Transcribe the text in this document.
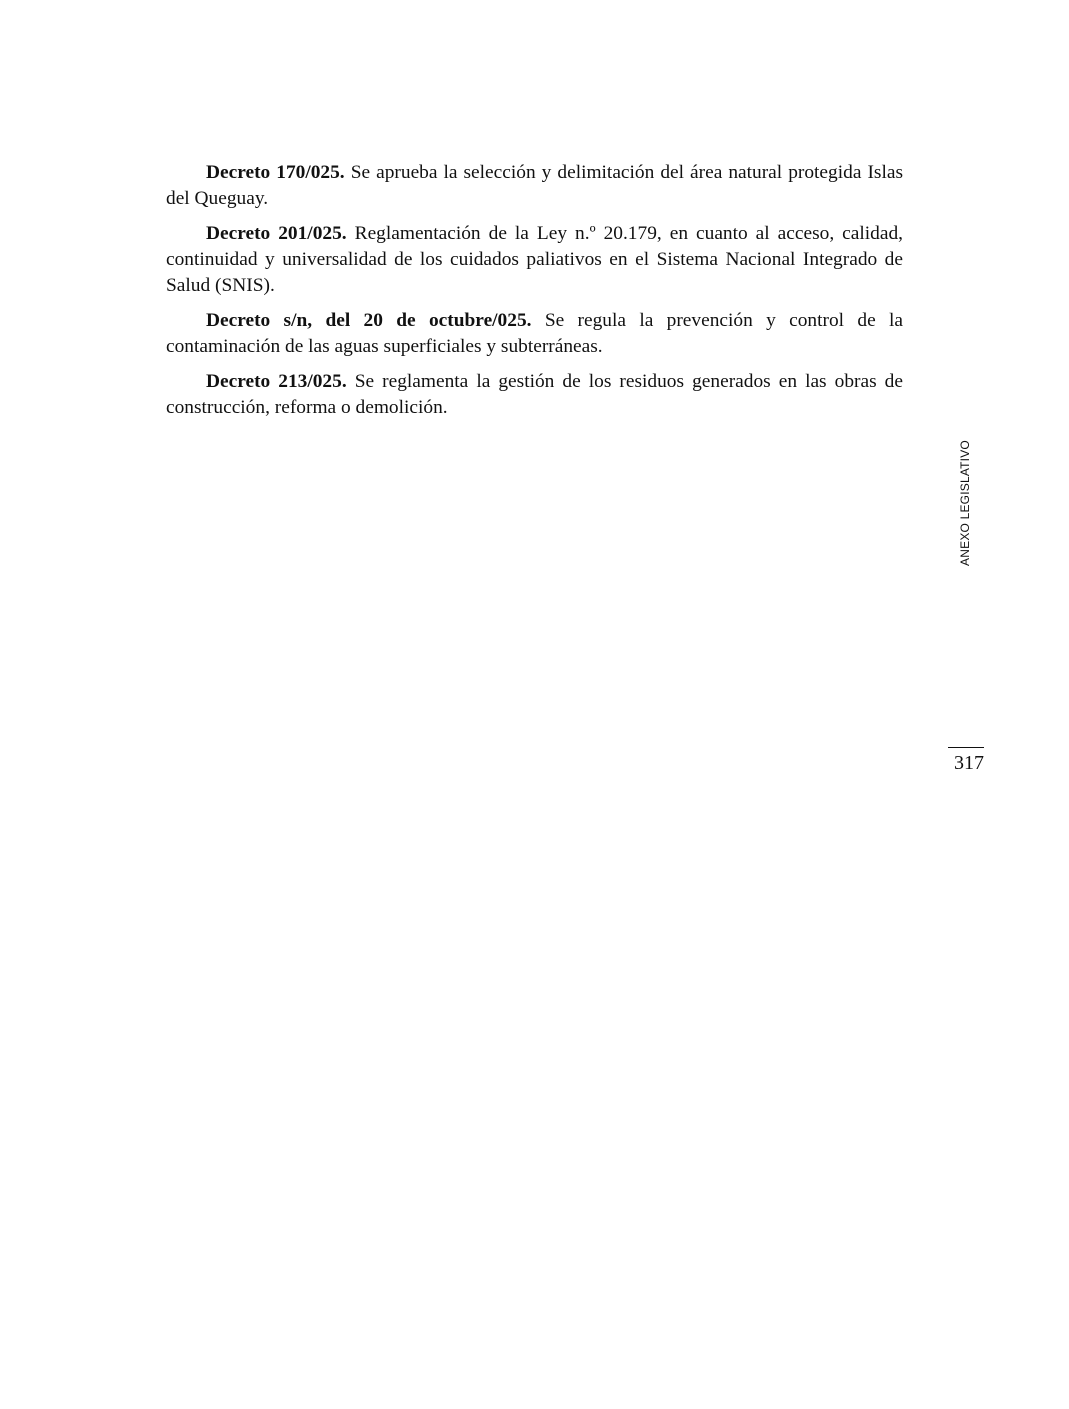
Decreto 170/025. Se aprueba la selección y delimitación del área natural protegida Islas del Queguay.

Decreto 201/025. Reglamentación de la Ley n.º 20.179, en cuanto al acceso, calidad, continuidad y universalidad de los cuidados paliativos en el Sistema Nacional Integrado de Salud (SNIS).

Decreto s/n, del 20 de octubre/025. Se regula la prevención y control de la contaminación de las aguas superficiales y subterráneas.

Decreto 213/025. Se reglamenta la gestión de los residuos generados en las obras de construcción, reforma o demolición.

ANEXO LEGISLATIVO
317
